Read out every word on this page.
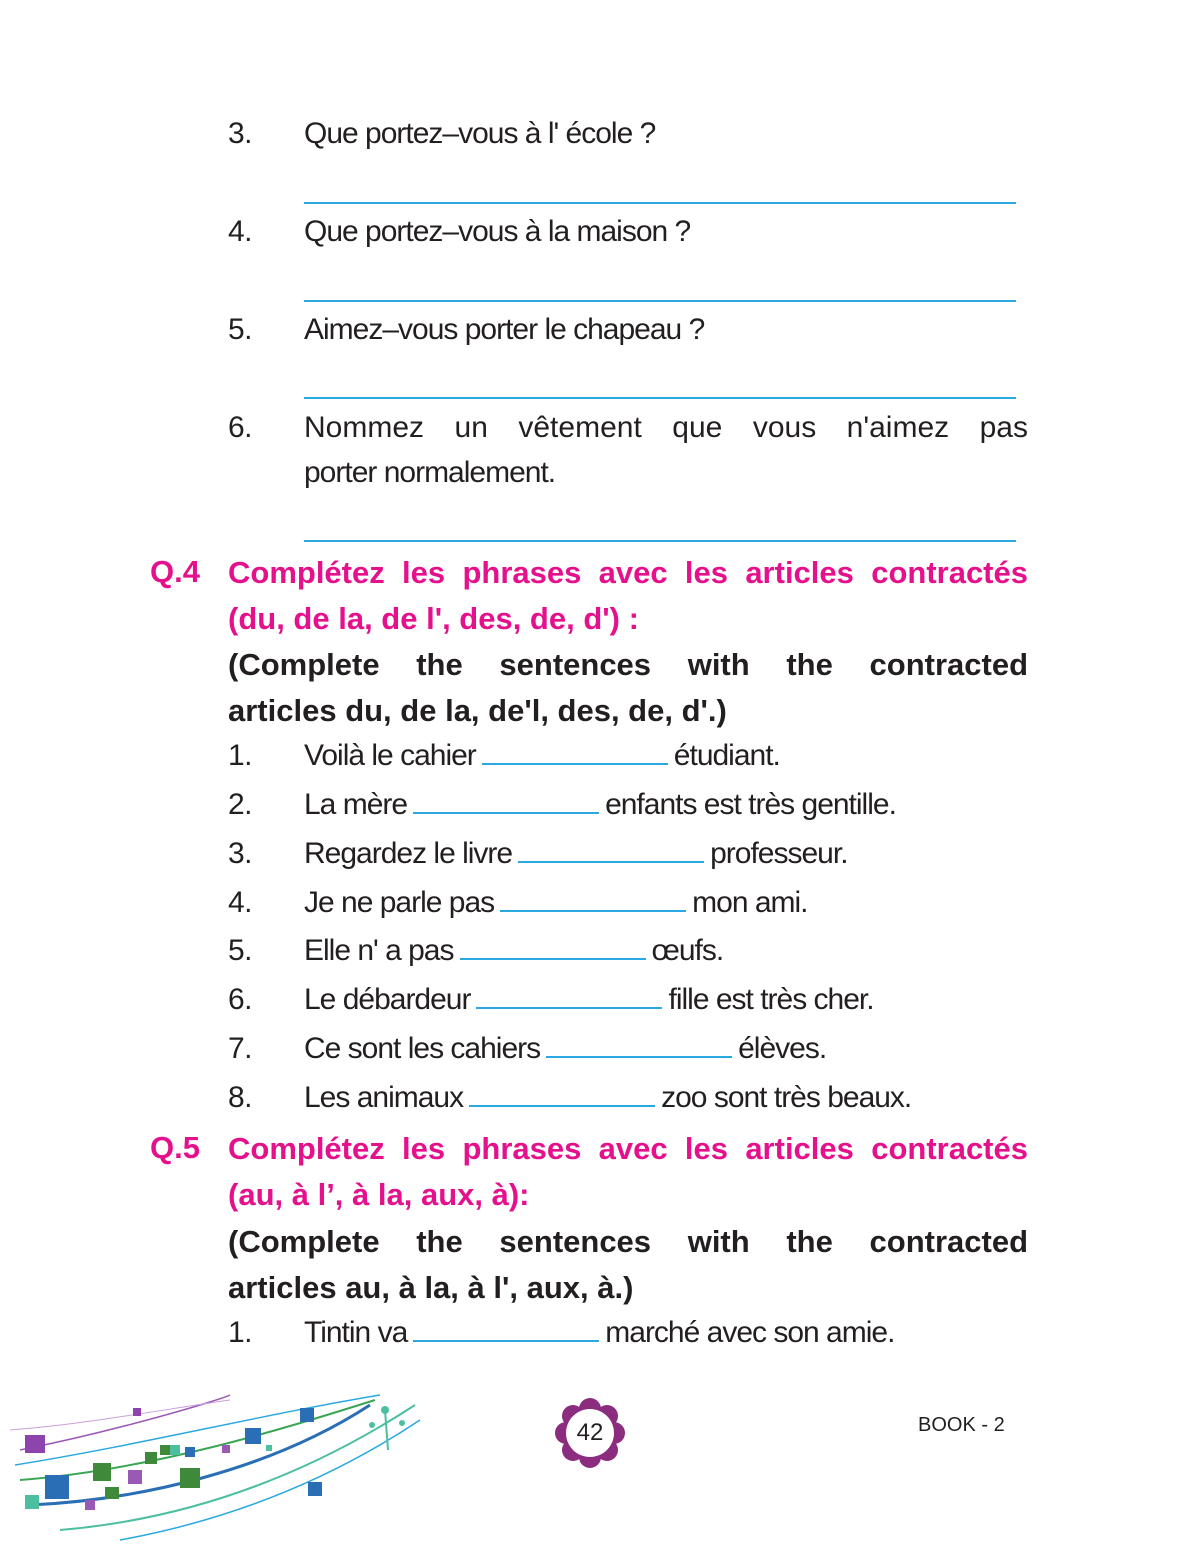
3. Que portez–vous à l' école ?
4. Que portez–vous à la maison ?
5. Aimez–vous porter le chapeau ?
6. Nommez un vêtement que vous n'aimez pas
porter normalement.
Q.4 Complétez les phrases avec les articles contractés
(du, de la, de l', des, de, d') :
(Complete the sentences with the contracted
articles du, de la, de'l, des, de, d'.)
1. Voilà le cahier	étudiant.
2. La mère	enfants est très gentille.
3. Regardez le livre	professeur.
4. Je ne parle pas	mon ami.
5. Elle n' a pas	œufs.
6. Le débardeur	fille est très cher.
7. Ce sont les cahiers	élèves.
8. Les animaux	zoo sont très beaux.
Q.5 Complétez les phrases avec les articles contractés
(au, à l’, à la, aux, à):
(Complete the sentences with the contracted
articles au, à la, à l', aux, à.)
1. Tintin va	marché avec son amie.
42	BOOK - 2
